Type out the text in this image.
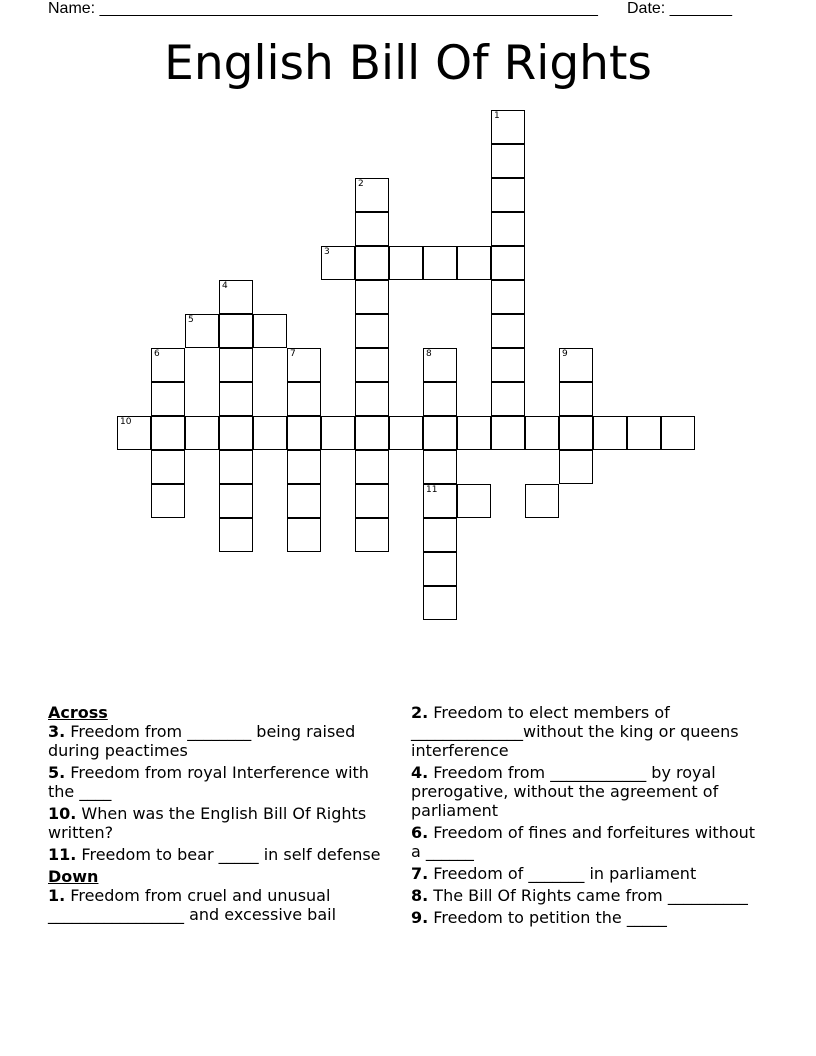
Name: ________________________________________________________ Date: _______
English Bill Of Rights
1
2
3
4
5
6	7	8
11
9
10
Across
3. Freedom from ________ being raised during peactimes
5. Freedom from royal Interference with the ____
10. When was the English Bill Of Rights written?
11. Freedom to bear _____ in self defense
Down
1. Freedom from cruel and unusual _________________ and excessive bail
2. Freedom to elect members of ______________without the king or queens interference
4. Freedom from ____________ by royal prerogative, without the agreement of parliament
6. Freedom of fines and forfeitures without a ______
7. Freedom of _______ in parliament
8. The Bill Of Rights came from __________
9. Freedom to petition the _____
